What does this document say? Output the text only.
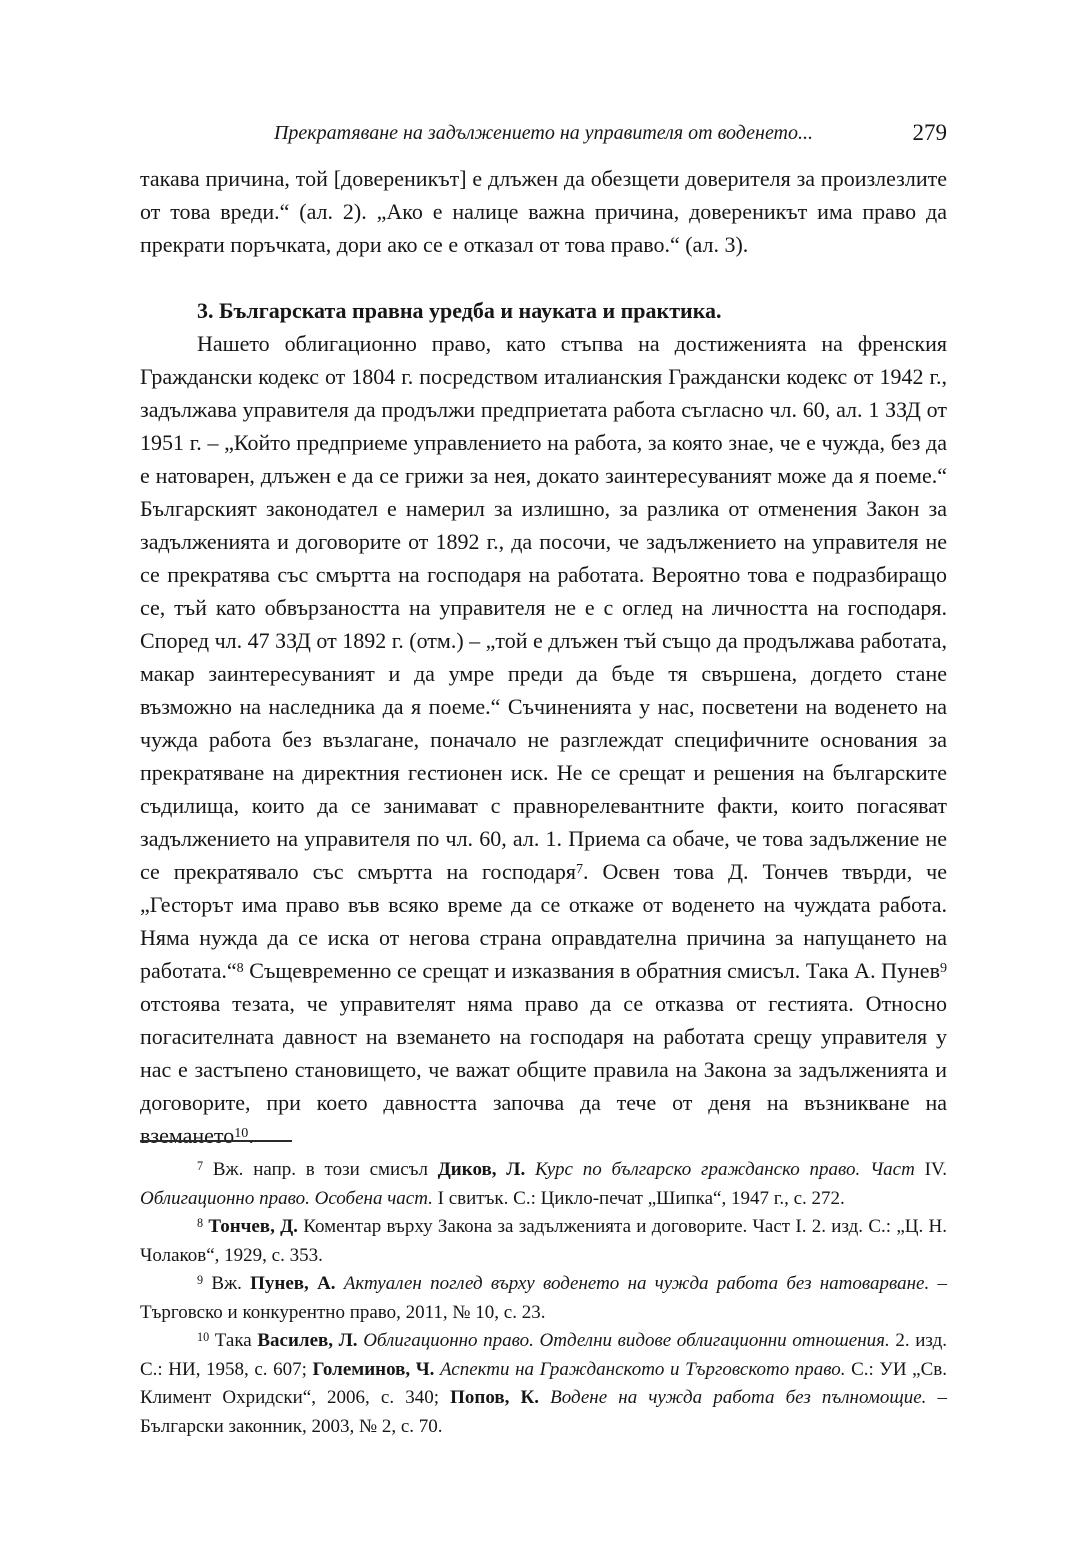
Прекратяване на задължението на управителя от воденето...	279

такава причина, той [довереникът] е длъжен да обезщети доверителя за произлезлите от това вреди.“ (ал. 2). „Ако е налице важна причина, довереникът има право да прекрати поръчката, дори ако се е отказал от това право.“ (ал. 3).

3. Българската правна уредба и науката и практика.

Нашето облигационно право, като стъпва на достиженията на френския Граждански кодекс от 1804 г. посредством италианския Граждански кодекс от 1942 г., задължава управителя да продължи предприетата работа съгласно чл. 60, ал. 1 ЗЗД от 1951 г. – „Който предприеме управлението на работа, за която знае, че е чужда, без да е натоварен, длъжен е да се грижи за нея, докато заинтересуваният може да я поеме.“ Българският законодател е намерил за излишно, за разлика от отменения Закон за задълженията и договорите от 1892 г., да посочи, че задължението на управителя не се прекратява със смъртта на господаря на работата. Вероятно това е подразбиращо се, тъй като обвързаността на управителя не е с оглед на личността на господаря. Според чл. 47 ЗЗД от 1892 г. (отм.) – „той е длъжен тъй също да продължава работата, макар заинтересуваният и да умре преди да бъде тя свършена, догдето стане възможно на наследника да я поеме.“ Съчиненията у нас, посветени на воденето на чужда работа без възлагане, поначало не разглеждат специфичните основания за прекратяване на директния гестионен иск. Не се срещат и решения на българските съдилища, които да се занимават с правнорелевантните факти, които погасяват задължението на управителя по чл. 60, ал. 1. Приема са обаче, че това задължение не се прекратявало със смъртта на господаря$^7$. Освен това Д. Тончев твърди, че „Гесторът има право във всяко време да се откаже от воденето на чуждата работа. Няма нужда да се иска от негова страна оправдателна причина за напущането на работата.“$^8$ Същевременно се срещат и изказвания в обратния смисъл. Така А. Пунев$^9$ отстоява тезата, че управителят няма право да се отказва от гестията. Относно погасителната давност на вземането на господаря на работата срещу управителя у нас е застъпено становището, че важат общите правила на Закона за задълженията и договорите, при което давността започва да тече от деня на възникване на вземането$^{10}$.

$^7$ Вж. напр. в този смисъл Диков, Л. Курс по българско гражданско право. Част IV. Облигационно право. Особена част. I свитък. С.: Цикло-печат „Шипка“, 1947 г., с. 272.

$^8$ Тончев, Д. Коментар върху Закона за задълженията и договорите. Част I. 2. изд. С.: „Ц. Н. Чолаков“, 1929, с. 353.

$^9$ Вж. Пунев, А. Актуален поглед върху воденето на чужда работа без натоварване. – Търговско и конкурентно право, 2011, № 10, с. 23.

$^{10}$ Така Василев, Л. Облигационно право. Отделни видове облигационни отношения. 2. изд. С.: НИ, 1958, с. 607; Големинов, Ч. Аспекти на Гражданското и Търговското право. С.: УИ „Св. Климент Охридски“, 2006, с. 340; Попов, К. Водене на чужда работа без пълномощие. – Български законник, 2003, № 2, с. 70.
